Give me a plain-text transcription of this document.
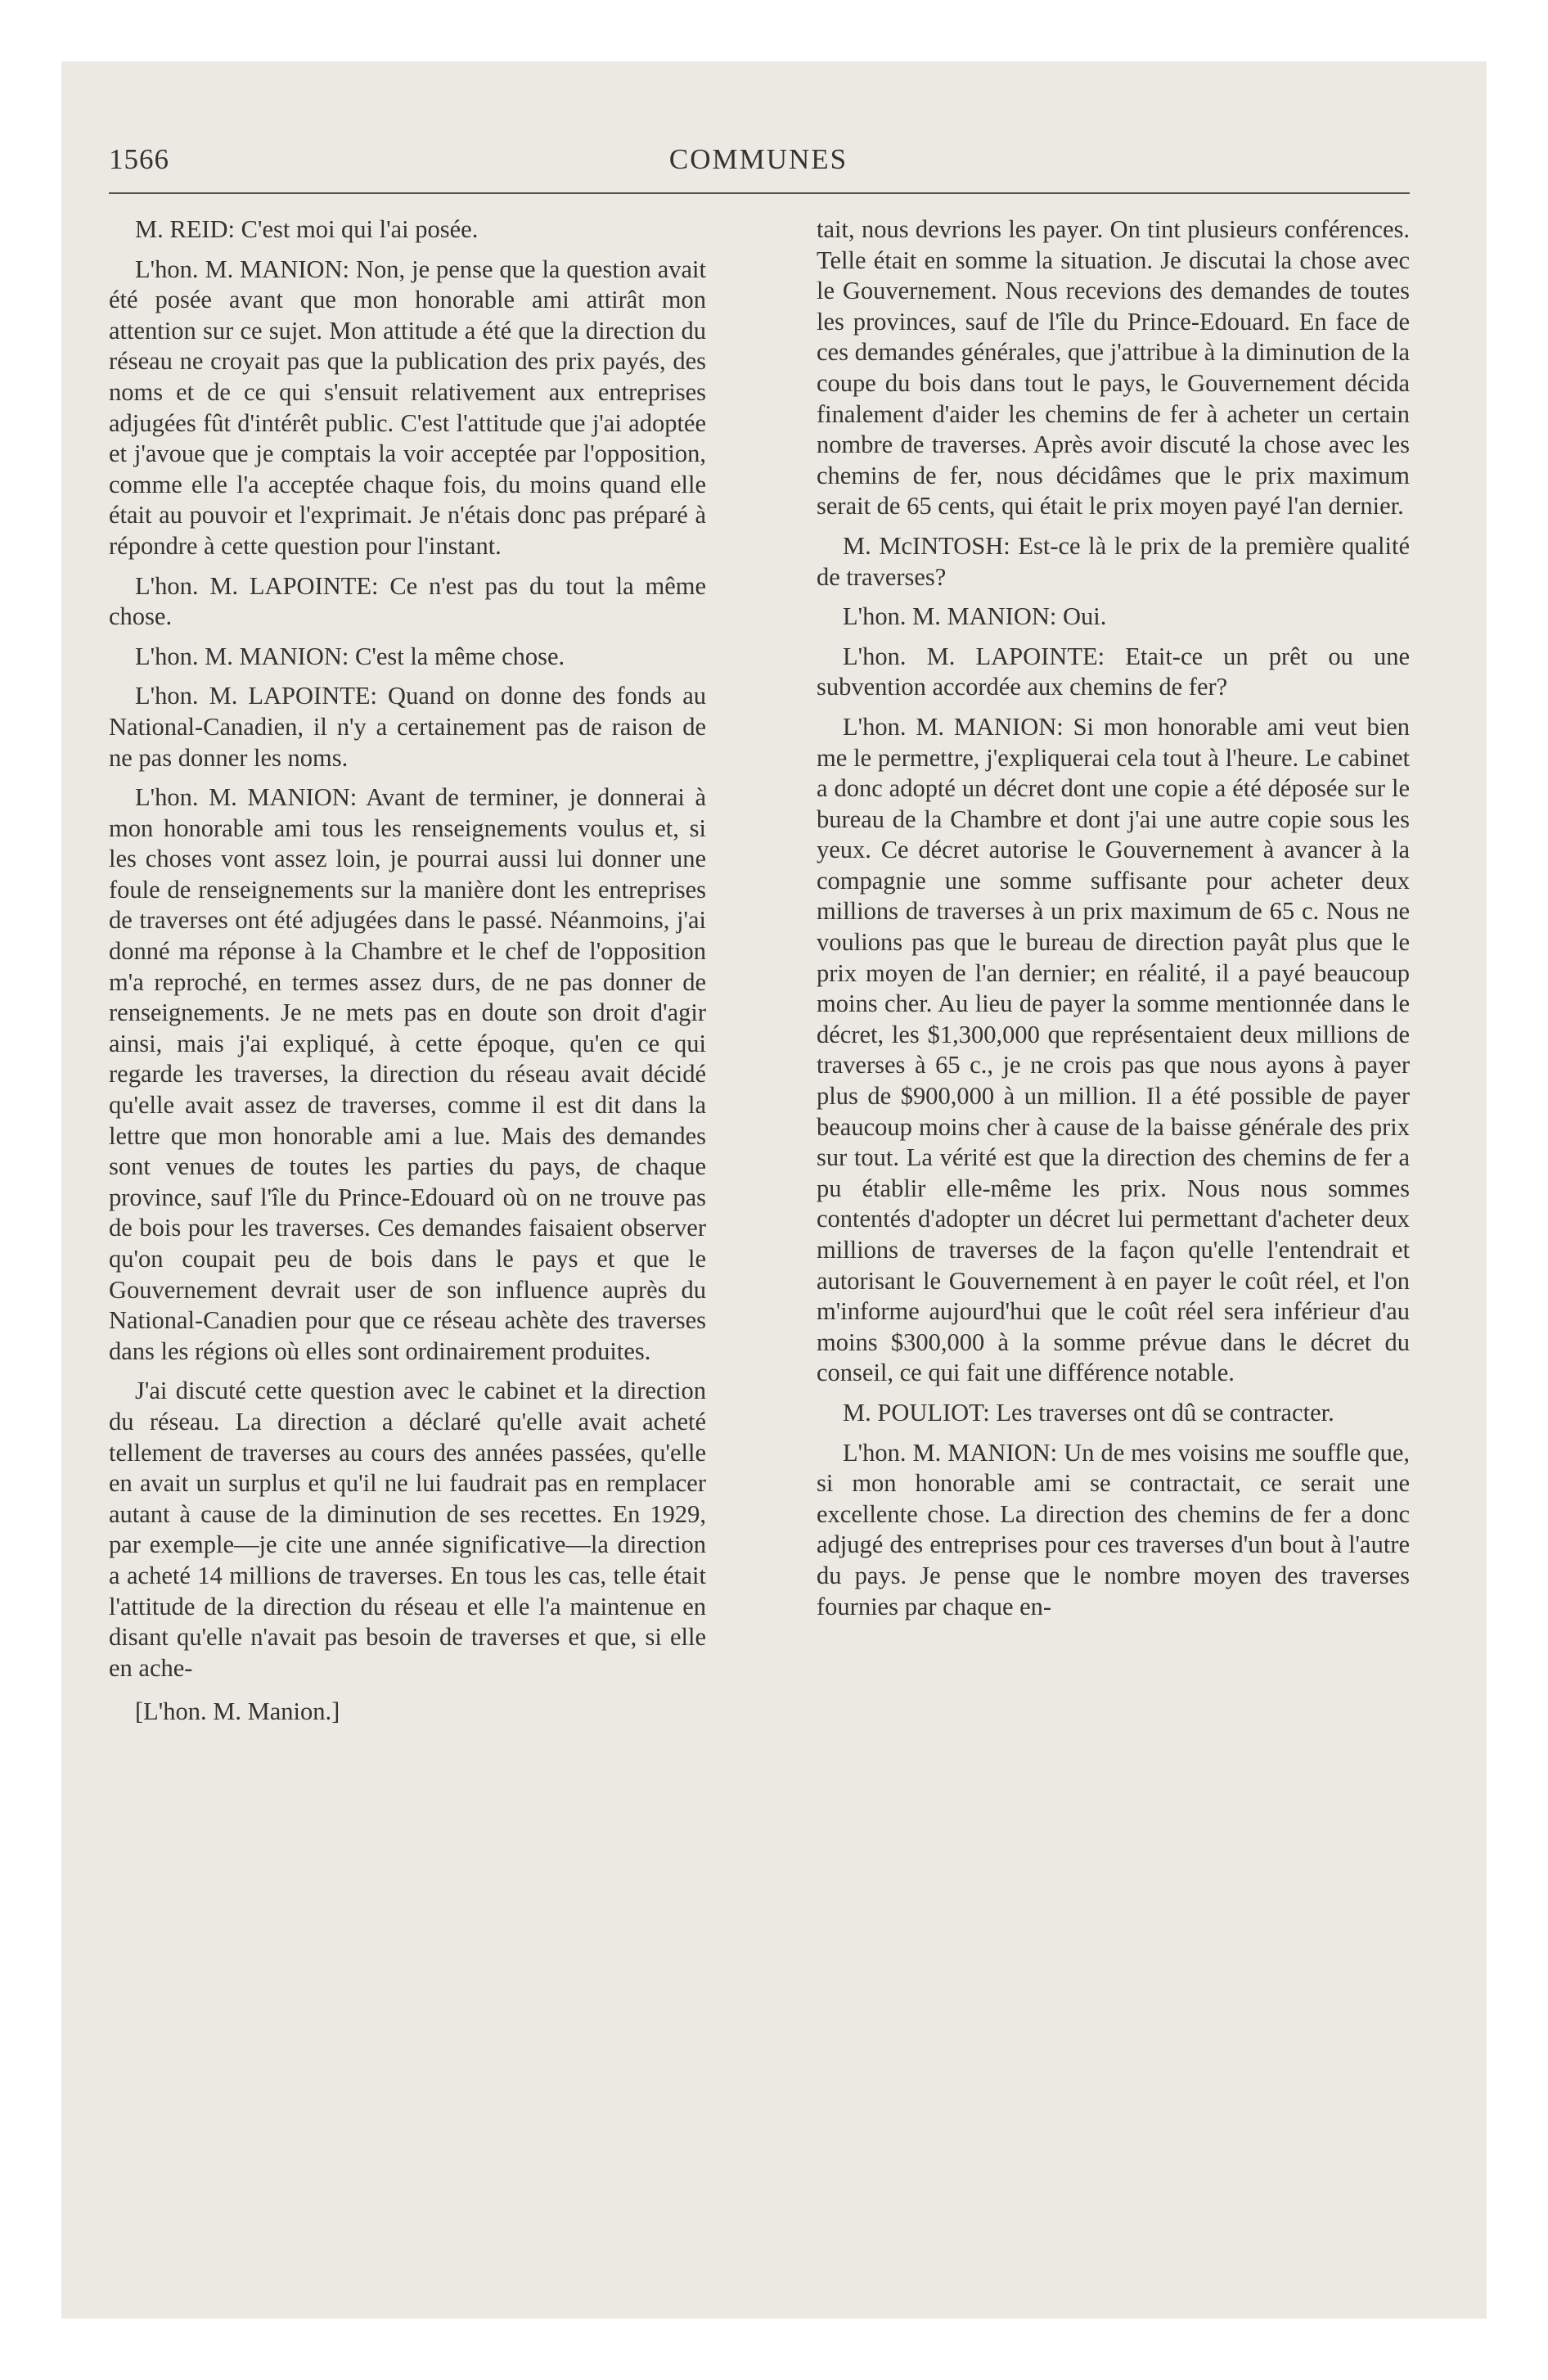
1566	COMMUNES

M. REID: C'est moi qui l'ai posée.

L'hon. M. MANION: Non, je pense que la question avait été posée avant que mon honorable ami attirât mon attention sur ce sujet. Mon attitude a été que la direction du réseau ne croyait pas que la publication des prix payés, des noms et de ce qui s'ensuit relativement aux entreprises adjugées fût d'intérêt public. C'est l'attitude que j'ai adoptée et j'avoue que je comptais la voir acceptée par l'opposition, comme elle l'a acceptée chaque fois, du moins quand elle était au pouvoir et l'exprimait. Je n'étais donc pas préparé à répondre à cette question pour l'instant.

L'hon. M. LAPOINTE: Ce n'est pas du tout la même chose.

L'hon. M. MANION: C'est la même chose.

L'hon. M. LAPOINTE: Quand on donne des fonds au National-Canadien, il n'y a certainement pas de raison de ne pas donner les noms.

L'hon. M. MANION: Avant de terminer, je donnerai à mon honorable ami tous les renseignements voulus et, si les choses vont assez loin, je pourrai aussi lui donner une foule de renseignements sur la manière dont les entreprises de traverses ont été adjugées dans le passé. Néanmoins, j'ai donné ma réponse à la Chambre et le chef de l'opposition m'a reproché, en termes assez durs, de ne pas donner de renseignements. Je ne mets pas en doute son droit d'agir ainsi, mais j'ai expliqué, à cette époque, qu'en ce qui regarde les traverses, la direction du réseau avait décidé qu'elle avait assez de traverses, comme il est dit dans la lettre que mon honorable ami a lue. Mais des demandes sont venues de toutes les parties du pays, de chaque province, sauf l'île du Prince-Edouard où on ne trouve pas de bois pour les traverses. Ces demandes faisaient observer qu'on coupait peu de bois dans le pays et que le Gouvernement devrait user de son influence auprès du National-Canadien pour que ce réseau achète des traverses dans les régions où elles sont ordinairement produites.

J'ai discuté cette question avec le cabinet et la direction du réseau. La direction a déclaré qu'elle avait acheté tellement de traverses au cours des années passées, qu'elle en avait un surplus et qu'il ne lui faudrait pas en remplacer autant à cause de la diminution de ses recettes. En 1929, par exemple—je cite une année significative—la direction a acheté 14 millions de traverses. En tous les cas, telle était l'attitude de la direction du réseau et elle l'a maintenue en disant qu'elle n'avait pas besoin de traverses et que, si elle en ache-

[L'hon. M. Manion.]

tait, nous devrions les payer. On tint plusieurs conférences. Telle était en somme la situation. Je discutai la chose avec le Gouvernement. Nous recevions des demandes de toutes les provinces, sauf de l'île du Prince-Edouard. En face de ces demandes générales, que j'attribue à la diminution de la coupe du bois dans tout le pays, le Gouvernement décida finalement d'aider les chemins de fer à acheter un certain nombre de traverses. Après avoir discuté la chose avec les chemins de fer, nous décidâmes que le prix maximum serait de 65 cents, qui était le prix moyen payé l'an dernier.

M. McINTOSH: Est-ce là le prix de la première qualité de traverses?

L'hon. M. MANION: Oui.

L'hon. M. LAPOINTE: Etait-ce un prêt ou une subvention accordée aux chemins de fer?

L'hon. M. MANION: Si mon honorable ami veut bien me le permettre, j'expliquerai cela tout à l'heure. Le cabinet a donc adopté un décret dont une copie a été déposée sur le bureau de la Chambre et dont j'ai une autre copie sous les yeux. Ce décret autorise le Gouvernement à avancer à la compagnie une somme suffisante pour acheter deux millions de traverses à un prix maximum de 65 c. Nous ne voulions pas que le bureau de direction payât plus que le prix moyen de l'an dernier; en réalité, il a payé beaucoup moins cher. Au lieu de payer la somme mentionnée dans le décret, les $1,300,000 que représentaient deux millions de traverses à 65 c., je ne crois pas que nous ayons à payer plus de $900,000 à un million. Il a été possible de payer beaucoup moins cher à cause de la baisse générale des prix sur tout. La vérité est que la direction des chemins de fer a pu établir elle-même les prix. Nous nous sommes contentés d'adopter un décret lui permettant d'acheter deux millions de traverses de la façon qu'elle l'entendrait et autorisant le Gouvernement à en payer le coût réel, et l'on m'informe aujourd'hui que le coût réel sera inférieur d'au moins $300,000 à la somme prévue dans le décret du conseil, ce qui fait une différence notable.

M. POULIOT: Les traverses ont dû se contracter.

L'hon. M. MANION: Un de mes voisins me souffle que, si mon honorable ami se contractait, ce serait une excellente chose. La direction des chemins de fer a donc adjugé des entreprises pour ces traverses d'un bout à l'autre du pays. Je pense que le nombre moyen des traverses fournies par chaque en-
